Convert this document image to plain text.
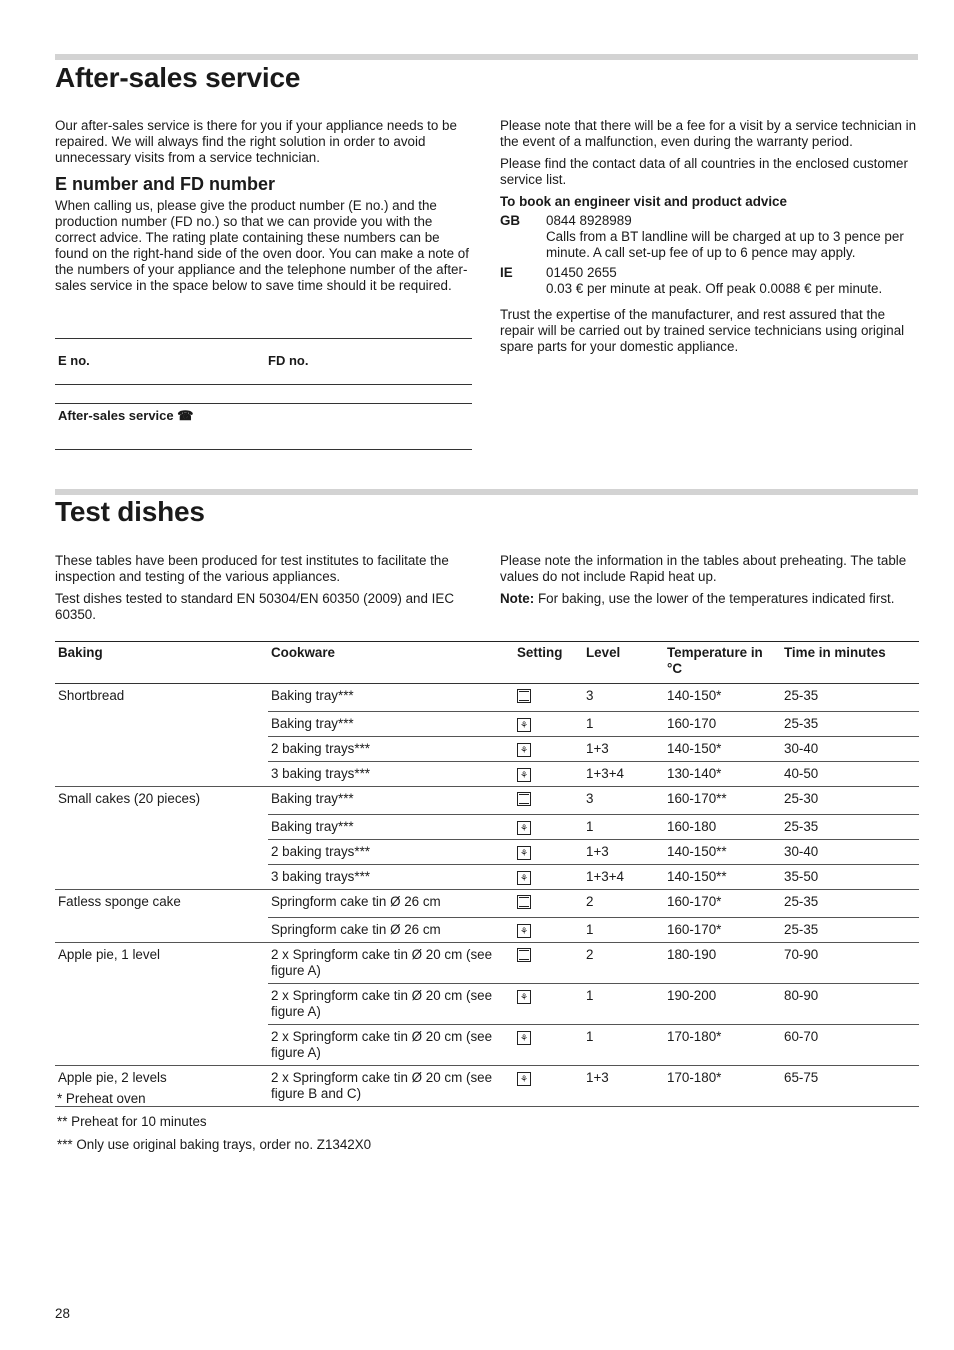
After-sales service

Our after-sales service is there for you if your appliance needs to be repaired. We will always find the right solution in order to avoid unnecessary visits from a service technician.

E number and FD number

When calling us, please give the product number (E no.) and the production number (FD no.) so that we can provide you with the correct advice. The rating plate containing these numbers can be found on the right-hand side of the oven door. You can make a note of the numbers of your appliance and the telephone number of the after-sales service in the space below to save time should it be required.

E no.	FD no.
After-sales service ☎

Please note that there will be a fee for a visit by a service technician in the event of a malfunction, even during the warranty period.

Please find the contact data of all countries in the enclosed customer service list.

To book an engineer visit and product advice
GB	0844 8928989
Calls from a BT landline will be charged at up to 3 pence per minute. A call set-up fee of up to 6 pence may apply.
IE	01450 2655
0.03 € per minute at peak. Off peak 0.0088 € per minute.

Trust the expertise of the manufacturer, and rest assured that the repair will be carried out by trained service technicians using original spare parts for your domestic appliance.

Test dishes

These tables have been produced for test institutes to facilitate the inspection and testing of the various appliances.

Test dishes tested to standard EN 50304/EN 60350 (2009) and IEC 60350.

Please note the information in the tables about preheating. The table values do not include Rapid heat up.

Note: For baking, use the lower of the temperatures indicated first.

Baking	Cookware	Setting	Level	Temperature in °C	Time in minutes
Shortbread	Baking tray***		3	140-150*	25-35
	Baking tray***	⚘	1	160-170	25-35
	2 baking trays***	⚘	1+3	140-150*	30-40
	3 baking trays***	⚘	1+3+4	130-140*	40-50
Small cakes (20 pieces)	Baking tray***		3	160-170**	25-30
	Baking tray***	⚘	1	160-180	25-35
	2 baking trays***	⚘	1+3	140-150**	30-40
	3 baking trays***	⚘	1+3+4	140-150**	35-50
Fatless sponge cake	Springform cake tin Ø 26 cm		2	160-170*	25-35
	Springform cake tin Ø 26 cm	⚘	1	160-170*	25-35
Apple pie, 1 level	2 x Springform cake tin Ø 20 cm (see figure A)		2	180-190	70-90
	2 x Springform cake tin Ø 20 cm (see figure A)	⚘	1	190-200	80-90
	2 x Springform cake tin Ø 20 cm (see figure A)	⚘	1	170-180*	60-70
Apple pie, 2 levels	2 x Springform cake tin Ø 20 cm (see figure B and C)	⚘	1+3	170-180*	65-75
* Preheat oven
** Preheat for 10 minutes
*** Only use original baking trays, order no. Z1342X0
28
